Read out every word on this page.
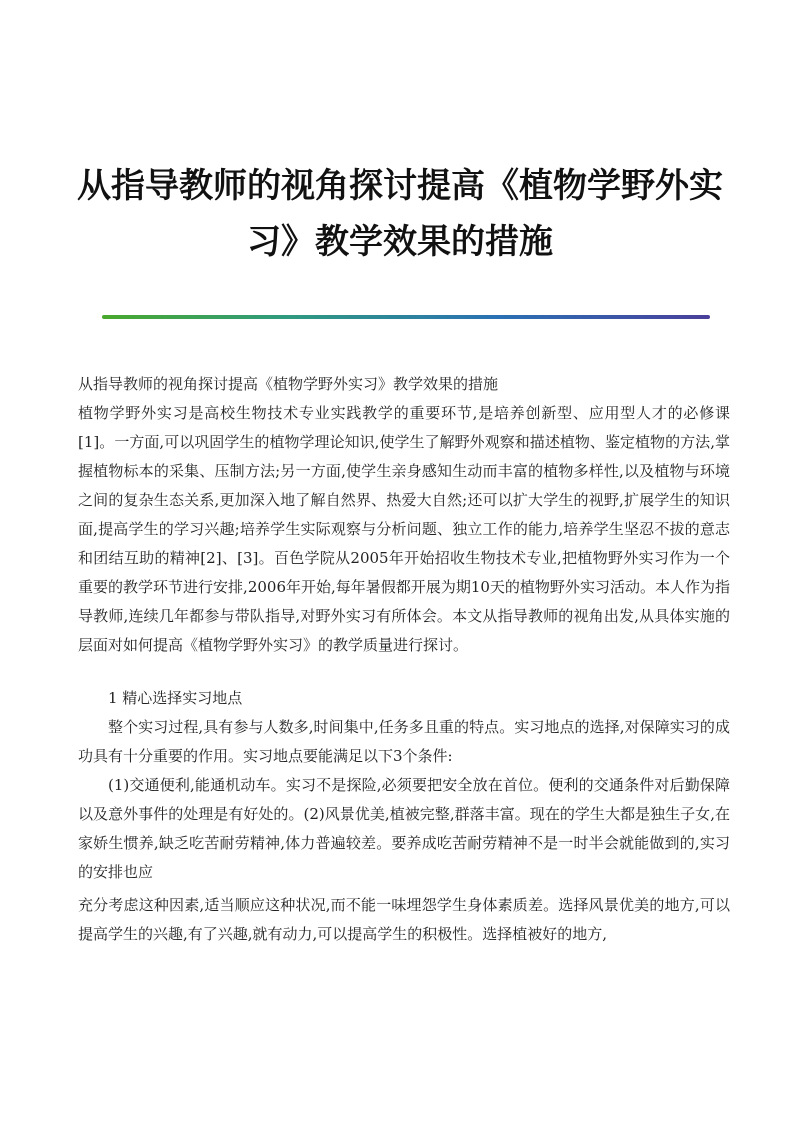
从指导教师的视角探讨提高《植物学野外实
习》教学效果的措施

从指导教师的视角探讨提高《植物学野外实习》教学效果的措施

植物学野外实习是高校生物技术专业实践教学的重要环节,是培养创新型、应用型人才的必修课[1]。一方面,可以巩固学生的植物学理论知识,使学生了解野外观察和描述植物、鉴定植物的方法,掌握植物标本的采集、压制方法;另一方面,使学生亲身感知生动而丰富的植物多样性,以及植物与环境之间的复杂生态关系,更加深入地了解自然界、热爱大自然;还可以扩大学生的视野,扩展学生的知识面,提高学生的学习兴趣;培养学生实际观察与分析问题、独立工作的能力,培养学生坚忍不拔的意志和团结互助的精神[2]、[3]。百色学院从2005年开始招收生物技术专业,把植物野外实习作为一个重要的教学环节进行安排,2006年开始,每年暑假都开展为期10天的植物野外实习活动。本人作为指导教师,连续几年都参与带队指导,对野外实习有所体会。本文从指导教师的视角出发,从具体实施的层面对如何提高《植物学野外实习》的教学质量进行探讨。

1 精心选择实习地点

整个实习过程,具有参与人数多,时间集中,任务多且重的特点。实习地点的选择,对保障实习的成功具有十分重要的作用。实习地点要能满足以下3个条件:

(1)交通便利,能通机动车。实习不是探险,必须要把安全放在首位。便利的交通条件对后勤保障以及意外事件的处理是有好处的。(2)风景优美,植被完整,群落丰富。现在的学生大都是独生子女,在家娇生惯养,缺乏吃苦耐劳精神,体力普遍较差。要养成吃苦耐劳精神不是一时半会就能做到的,实习的安排也应

充分考虑这种因素,适当顺应这种状况,而不能一味埋怨学生身体素质差。选择风景优美的地方,可以提高学生的兴趣,有了兴趣,就有动力,可以提高学生的积极性。选择植被好的地方,
